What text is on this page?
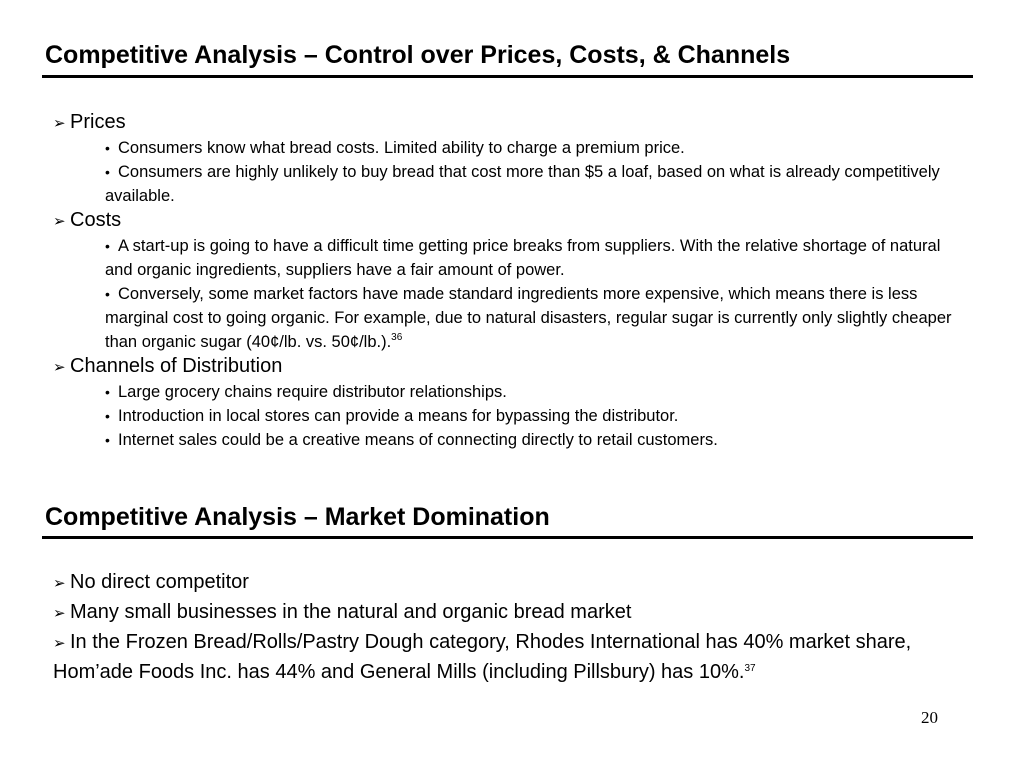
Competitive Analysis – Control over Prices, Costs, & Channels
➢ Prices
• Consumers know what bread costs. Limited ability to charge a premium price.
• Consumers are highly unlikely to buy bread that cost more than $5 a loaf, based on what is already competitively available.
➢ Costs
• A start-up is going to have a difficult time getting price breaks from suppliers. With the relative shortage of natural and organic ingredients, suppliers have a fair amount of power.
• Conversely, some market factors have made standard ingredients more expensive, which means there is less marginal cost to going organic. For example, due to natural disasters, regular sugar is currently only slightly cheaper than organic sugar (40¢/lb. vs. 50¢/lb.).$^{36}$
➢ Channels of Distribution
• Large grocery chains require distributor relationships.
• Introduction in local stores can provide a means for bypassing the distributor.
• Internet sales could be a creative means of connecting directly to retail customers.
Competitive Analysis – Market Domination
➢ No direct competitor
➢ Many small businesses in the natural and organic bread market
➢ In the Frozen Bread/Rolls/Pastry Dough category, Rhodes International has 40% market share, Hom’ade Foods Inc. has 44% and General Mills (including Pillsbury) has 10%.$^{37}$
20
